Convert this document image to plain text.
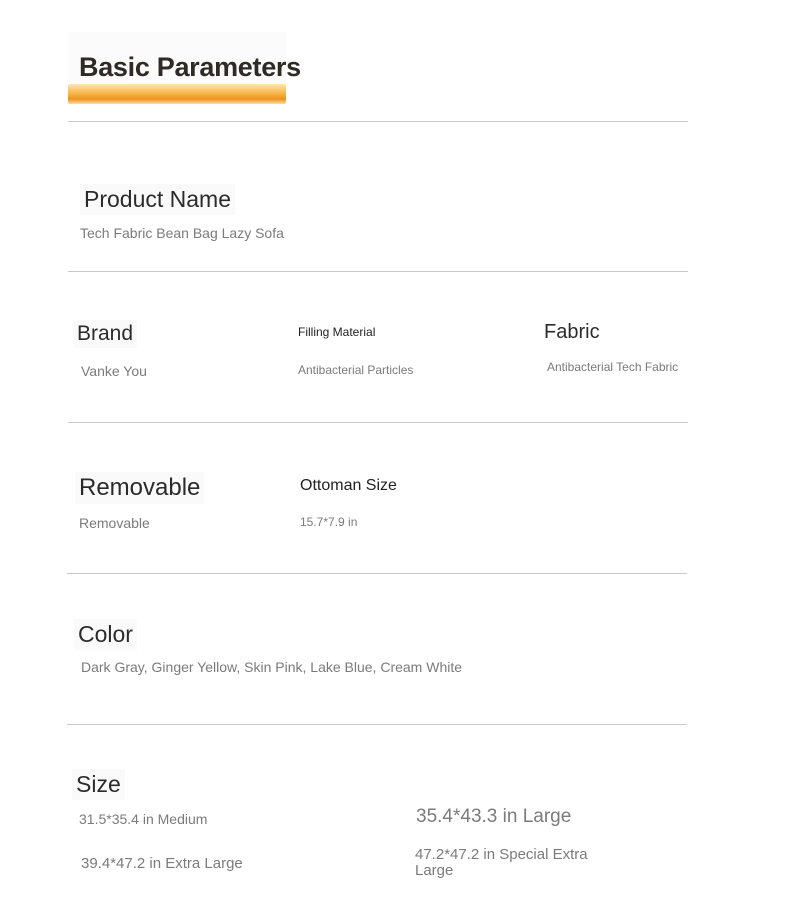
Basic Parameters
Product Name
Tech Fabric Bean Bag Lazy Sofa
Brand
Vanke You
Filling Material
Antibacterial Particles
Fabric
Antibacterial Tech Fabric
Removable
Removable
Ottoman Size
15.7*7.9 in
Color
Dark Gray, Ginger Yellow, Skin Pink, Lake Blue, Cream White
Size
31.5*35.4 in Medium	35.4*43.3 in Large
39.4*47.2 in Extra Large
47.2*47.2 in Special Extra Large
